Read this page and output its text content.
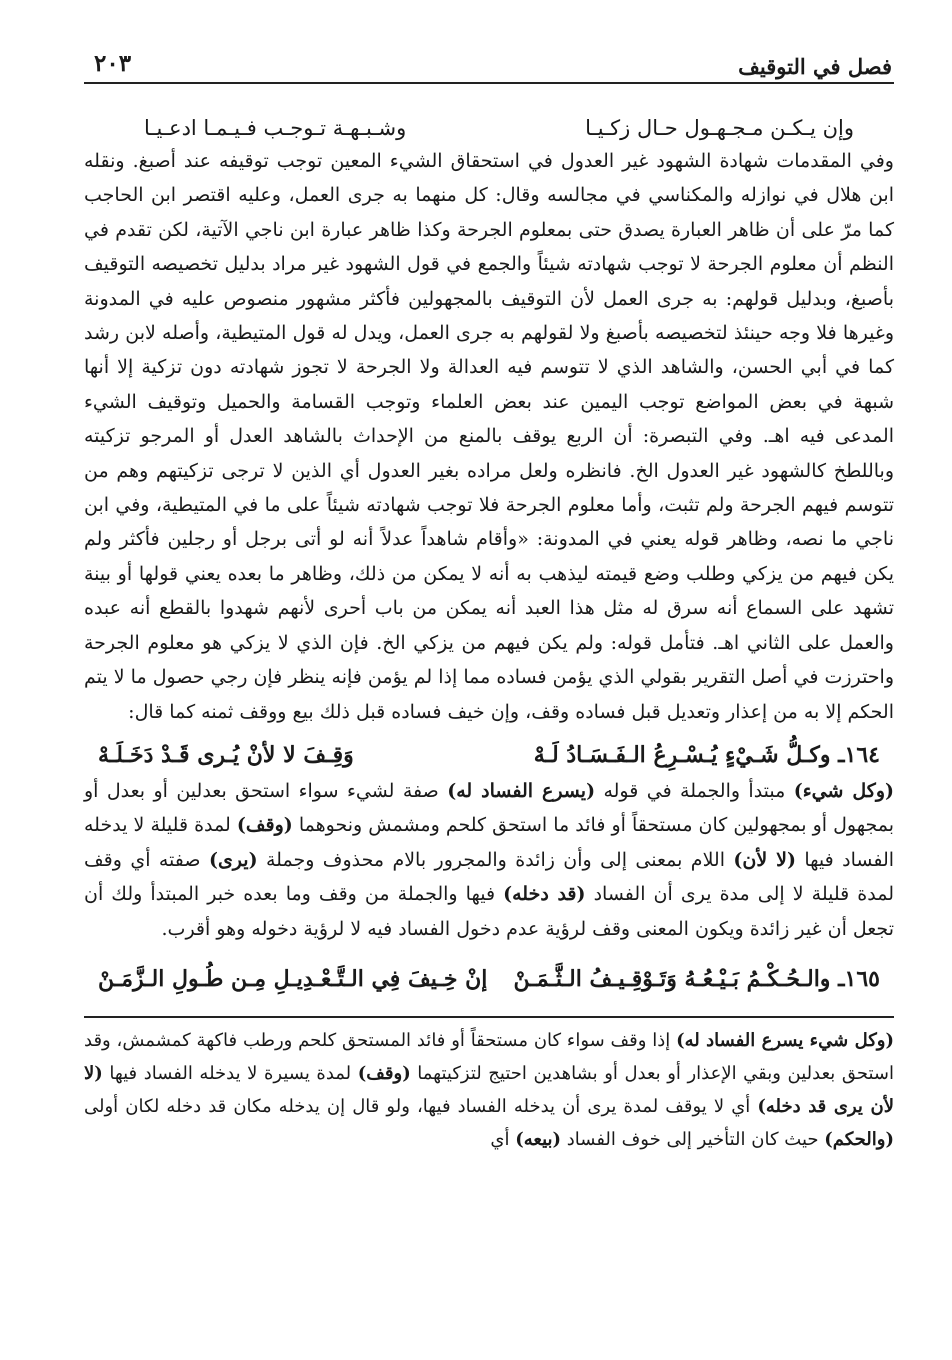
فصل في التوقيف
٢٠٣
وإن يـكـن مـجـهـول حـال زكـيـا
وشـبـهـة تـوجـب فـيـمـا ادعـيـا

وفي المقدمات شهادة الشهود غير العدول في استحقاق الشيء المعين توجب توقيفه عند أصبغ. ونقله ابن هلال في نوازله والمكناسي في مجالسه وقال: كل منهما به جرى العمل، وعليه اقتصر ابن الحاجب كما مرّ على أن ظاهر العبارة يصدق حتى بمعلوم الجرحة وكذا ظاهر عبارة ابن ناجي الآتية، لكن تقدم في النظم أن معلوم الجرحة لا توجب شهادته شيئاً والجمع في قول الشهود غير مراد بدليل تخصيصه التوقيف بأصبغ، وبدليل قولهم: به جرى العمل لأن التوقيف بالمجهولين فأكثر مشهور منصوص عليه في المدونة وغيرها فلا وجه حينئذ لتخصيصه بأصبغ ولا لقولهم به جرى العمل، ويدل له قول المتيطية، وأصله لابن رشد كما في أبي الحسن، والشاهد الذي لا تتوسم فيه العدالة ولا الجرحة لا تجوز شهادته دون تزكية إلا أنها شبهة في بعض المواضع توجب اليمين عند بعض العلماء وتوجب القسامة والحميل وتوقيف الشيء المدعى فيه اهـ. وفي التبصرة: أن الربع يوقف بالمنع من الإحداث بالشاهد العدل أو المرجو تزكيته وباللطخ كالشهود غير العدول الخ. فانظره ولعل مراده بغير العدول أي الذين لا ترجى تزكيتهم وهم من تتوسم فيهم الجرحة ولم تثبت، وأما معلوم الجرحة فلا توجب شهادته شيئاً على ما في المتيطية، وفي ابن ناجي ما نصه، وظاهر قوله يعني في المدونة: «وأقام شاهداً عدلاً أنه لو أتى برجل أو رجلين فأكثر ولم يكن فيهم من يزكي وطلب وضع قيمته ليذهب به أنه لا يمكن من ذلك، وظاهر ما بعده يعني قولها أو بينة تشهد على السماع أنه سرق له مثل هذا العبد أنه يمكن من باب أحرى لأنهم شهدوا بالقطع أنه عبده والعمل على الثاني اهـ. فتأمل قوله: ولم يكن فيهم من يزكي الخ. فإن الذي لا يزكي هو معلوم الجرحة واحترزت في أصل التقرير بقولي الذي يؤمن فساده مما إذا لم يؤمن فإنه ينظر فإن رجي حصول ما لا يتم الحكم إلا به من إعذار وتعديل قبل فساده وقف، وإن خيف فساده قبل ذلك بيع ووقف ثمنه كما قال:

١٦٤ـ وكـلُّ شَـيْءٍ يُـسْـرِعُ الـفَـسَـادُ لَـهْ
وَقِـفَ لا لأنْ يُـرى قَـدْ دَخَـلَـهْ

(وكل شيء) مبتدأ والجملة في قوله (يسرع الفساد له) صفة لشيء سواء استحق بعدلين أو بعدل أو بمجهول أو بمجهولين كان مستحقاً أو فائد ما استحق كلحم ومشمش ونحوهما (وقف) لمدة قليلة لا يدخله الفساد فيها (لا لأن) اللام بمعنى إلى وأن زائدة والمجرور بالام محذوف وجملة (يرى) صفته أي وقف لمدة قليلة لا إلى مدة يرى أن الفساد (قد دخله) فيها والجملة من وقف وما بعده خبر المبتدأ ولك أن تجعل أن غير زائدة ويكون المعنى وقف لرؤية عدم دخول الفساد فيه لا لرؤية دخوله وهو أقرب.

١٦٥ـ والـحُـكْـمُ بَـيْـعُـهُ وَتَـوْقِـيـفُ الـثَّـمَـنْ
إنْ خِـيفَ فِي الـتَّـعْـدِيـلِ مِـن طُـولِ الـزَّمَـنْ

(وكل شيء يسرع الفساد له) إذا وقف سواء كان مستحقاً أو فائد المستحق كلحم ورطب فاكهة كمشمش، وقد استحق بعدلين وبقي الإعذار أو بعدل أو بشاهدين احتيج لتزكيتهما (وقف) لمدة يسيرة لا يدخله الفساد فيها (لا لأن يرى قد دخله) أي لا يوقف لمدة يرى أن يدخله الفساد فيها، ولو قال إن يدخله مكان قد دخله لكان أولى (والحكم) حيث كان التأخير إلى خوف الفساد (بيعه) أي
